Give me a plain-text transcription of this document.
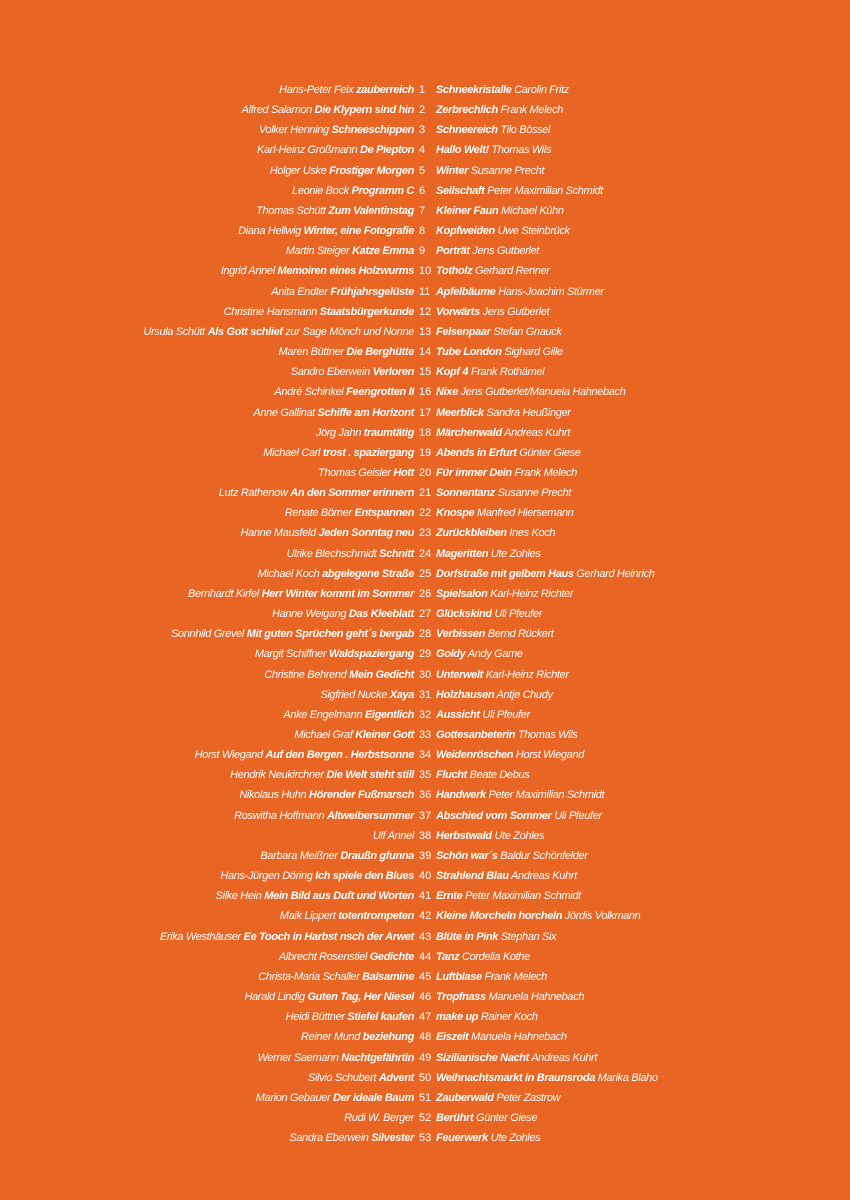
Hans-Peter Feix zauberreich 1 Schneekristalle Carolin Fritz
Alfred Salamon Die Klypern sind hin 2 Zerbrechlich Frank Melech
Volker Henning Schneeschippen 3 Schneereich Tilo Bössel
Karl-Heinz Großmann De Piepton 4 Hallo Welt! Thomas Wils
Holger Uske Frostiger Morgen 5 Winter Susanne Precht
Leonie Bock Programm C 6 Seilschaft Peter Maximilian Schmidt
Thomas Schütt Zum Valentinstag 7 Kleiner Faun Michael Kühn
Diana Hellwig Winter, eine Fotografie 8 Kopfweiden Uwe Steinbrück
Martin Steiger Katze Emma 9 Porträt Jens Gutberlet
Ingrid Annel Memoiren eines Holzwurms 10 Totholz Gerhard Renner
Anita Endter Frühjahrsgelüste 11 Apfelbäume Hans-Joachim Stürmer
Christine Hansmann Staatsbürgerkunde 12 Vorwärts Jens Gutberlet
Ursula Schütt Als Gott schlief zur Sage Mönch und Nonne 13 Felsenpaar Stefan Gnauck
Maren Büttner Die Berghütte 14 Tube London Sighard Gille
Sandro Eberwein Verloren 15 Kopf 4 Frank Rothämel
André Schinkel Feengrotten II 16 Nixe Jens Gutberlet/Manuela Hahnebach
Anne Gallinat Schiffe am Horizont 17 Meerblick Sandra Heußinger
Jörg Jahn traumtätig 18 Märchenwald Andreas Kuhrt
Michael Carl trost . spaziergang 19 Abends in Erfurt Günter Giese
Thomas Geisler Hott 20 Für immer Dein Frank Melech
Lutz Rathenow An den Sommer erinnern 21 Sonnentanz Susanne Precht
Renate Börner Entspannen 22 Knospe Manfred Hiersemann
Hanne Mausfeld Jeden Sonntag neu 23 Zurückbleiben Ines Koch
Ulrike Blechschmidt Schnitt 24 Mageritten Ute Zohles
Michael Koch abgelegene Straße 25 Dorfstraße mit gelbem Haus Gerhard Heinrich
Bernhardt Kirfel Herr Winter kommt im Sommer 26 Spielsalon Karl-Heinz Richter
Hanne Weigang Das Kleeblatt 27 Glückskind Uli Pfeufer
Sonnhild Grevel Mit guten Sprüchen geht´s bergab 28 Verbissen Bernd Rückert
Margit Schiffner Waldspaziergang 29 Goldy Andy Game
Christine Behrend Mein Gedicht 30 Unterwelt Karl-Heinz Richter
Sigfried Nucke Xaya 31 Holzhausen Antje Chudy
Anke Engelmann Eigentlich 32 Aussicht Uli Pfeufer
Michael Graf Kleiner Gott 33 Gottesanbeterin Thomas Wils
Horst Wiegand Auf den Bergen . Herbstsonne 34 Weidenröschen Horst Wiegand
Hendrik Neukirchner Die Welt steht still 35 Flucht Beate Debus
Nikolaus Huhn Hörender Fußmarsch 36 Handwerk Peter Maximilian Schmidt
Roswitha Hoffmann Altweibersummer 37 Abschied vom Sommer Uli Pfeufer
Ulf Annel 38 Herbstwald Ute Zohles
Barbara Meißner Draußn gfunna 39 Schön war´s Baldur Schönfelder
Hans-Jürgen Döring Ich spiele den Blues 40 Strahlend Blau Andreas Kuhrt
Silke Hein Mein Bild aus Duft und Worten 41 Ernte Peter Maximilian Schmidt
Maik Lippert totentrompeten 42 Kleine Morcheln horcheln Jördis Volkmann
Erika Westhäuser Ee Tooch in Harbst nsch der Arwet 43 Blüte in Pink Stephan Six
Albrecht Rosenstiel Gedichte 44 Tanz Cordelia Kothe
Christa-Maria Schaller Balsamine 45 Luftblase Frank Melech
Harald Lindig Guten Tag, Her Niesel 46 Tropfnass Manuela Hahnebach
Heidi Büttner Stiefel kaufen 47 make up Rainer Koch
Reiner Mund beziehung 48 Eiszeit Manuela Hahnebach
Werner Saemann Nachtgefährtin 49 Sizilianische Nacht Andreas Kuhrt
Silvio Schubert Advent 50 Weihnachtsmarkt in Braunsroda Marika Blaho
Marion Gebauer Der ideale Baum 51 Zauberwald Peter Zastrow
Rudi W. Berger 52 Berührt Günter Giese
Sandra Eberwein Silvester 53 Feuerwerk Ute Zohles
